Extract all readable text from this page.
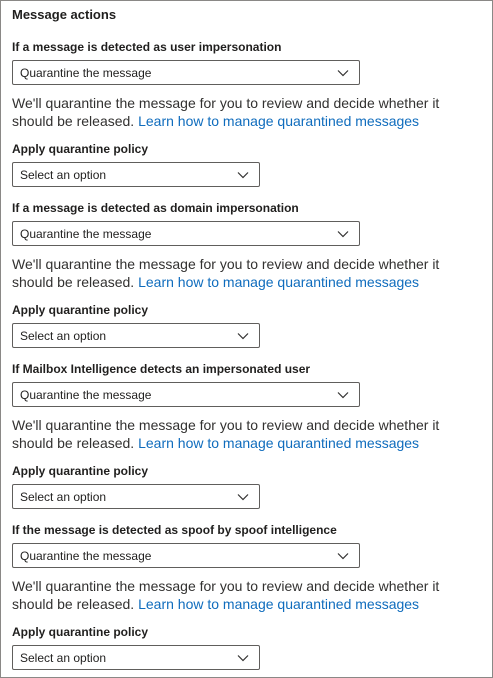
Message actions
If a message is detected as user impersonation
Quarantine the message
We'll quarantine the message for you to review and decide whether it should be released. Learn how to manage quarantined messages
Apply quarantine policy
Select an option
If a message is detected as domain impersonation
Quarantine the message
We'll quarantine the message for you to review and decide whether it should be released. Learn how to manage quarantined messages
Apply quarantine policy
Select an option
If Mailbox Intelligence detects an impersonated user
Quarantine the message
We'll quarantine the message for you to review and decide whether it should be released. Learn how to manage quarantined messages
Apply quarantine policy
Select an option
If the message is detected as spoof by spoof intelligence
Quarantine the message
We'll quarantine the message for you to review and decide whether it should be released. Learn how to manage quarantined messages
Apply quarantine policy
Select an option
